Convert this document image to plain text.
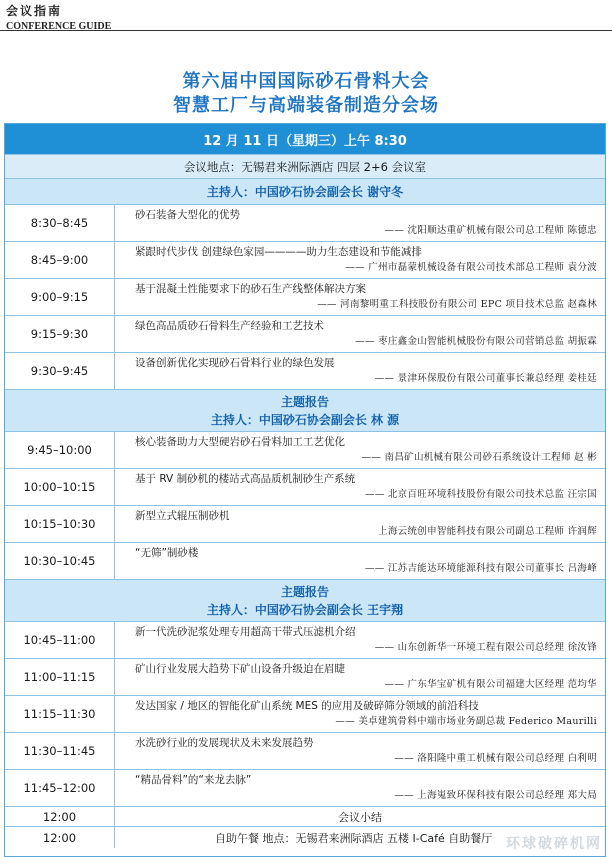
会议指南
CONFERENCE GUIDE
第六届中国国际砂石骨料大会
智慧工厂与高端装备制造分会场
12 月 11 日（星期三）上午 8:30
会议地点：无锡君来洲际酒店 四层 2+6 会议室
主持人：中国砂石协会副会长 谢守冬
8:30–8:45
砂石装备大型化的优势
—— 沈阳顺达重矿机械有限公司总工程师 陈德忠
8:45–9:00
紧跟时代步伐 创建绿色家园————助力生态建设和节能减排
—— 广州市磊蒙机械设备有限公司技术部总工程师 袁分波
9:00–9:15
基于混凝土性能要求下的砂石生产线整体解决方案
—— 河南黎明重工科技股份有限公司 EPC 项目技术总监 赵森林
9:15–9:30
绿色高品质砂石骨料生产经验和工艺技术
—— 枣庄鑫金山智能机械股份有限公司营销总监 胡振霖
9:30–9:45
设备创新优化实现砂石骨料行业的绿色发展
—— 景津环保股份有限公司董事长兼总经理 姜桂廷
主题报告
主持人：中国砂石协会副会长 林 源
9:45–10:00
核心装备助力大型硬岩砂石骨料加工工艺优化
—— 南昌矿山机械有限公司砂石系统设计工程师 赵 彬
10:00–10:15
基于 RV 制砂机的楼站式高品质机制砂生产系统
—— 北京百旺环境科技股份有限公司技术总监 汪宗国
10:15–10:30
新型立式辊压制砂机
上海云统创申智能科技有限公司副总工程师 许润辉
10:30–10:45
“无筛”制砂楼
—— 江苏吉能达环境能源科技有限公司董事长 吕海峰
主题报告
主持人：中国砂石协会副会长 王宇翔
10:45–11:00
新一代洗砂泥浆处理专用超高干带式压滤机介绍
—— 山东创新华一环境工程有限公司总经理 徐汝锋
11:00–11:15
矿山行业发展大趋势下矿山设备升级迫在眉睫
—— 广东华宝矿机有限公司福建大区经理 范均华
11:15–11:30
发达国家 / 地区的智能化矿山系统 MES 的应用及破碎筛分领域的前沿科技
—— 美卓建筑骨料中端市场业务副总裁 Federico Maurilli
11:30–11:45
水洗砂行业的发展现状及未来发展趋势
—— 洛阳隆中重工机械有限公司总经理 白利明
11:45–12:00
“精品骨料”的“来龙去脉”
—— 上海嵬致环保科技有限公司总经理 郑大局
12:00	会议小结
12:00	自助午餐 地点：无锡君来洲际酒店 五楼 I-Café 自助餐厅 环球破碎机网
